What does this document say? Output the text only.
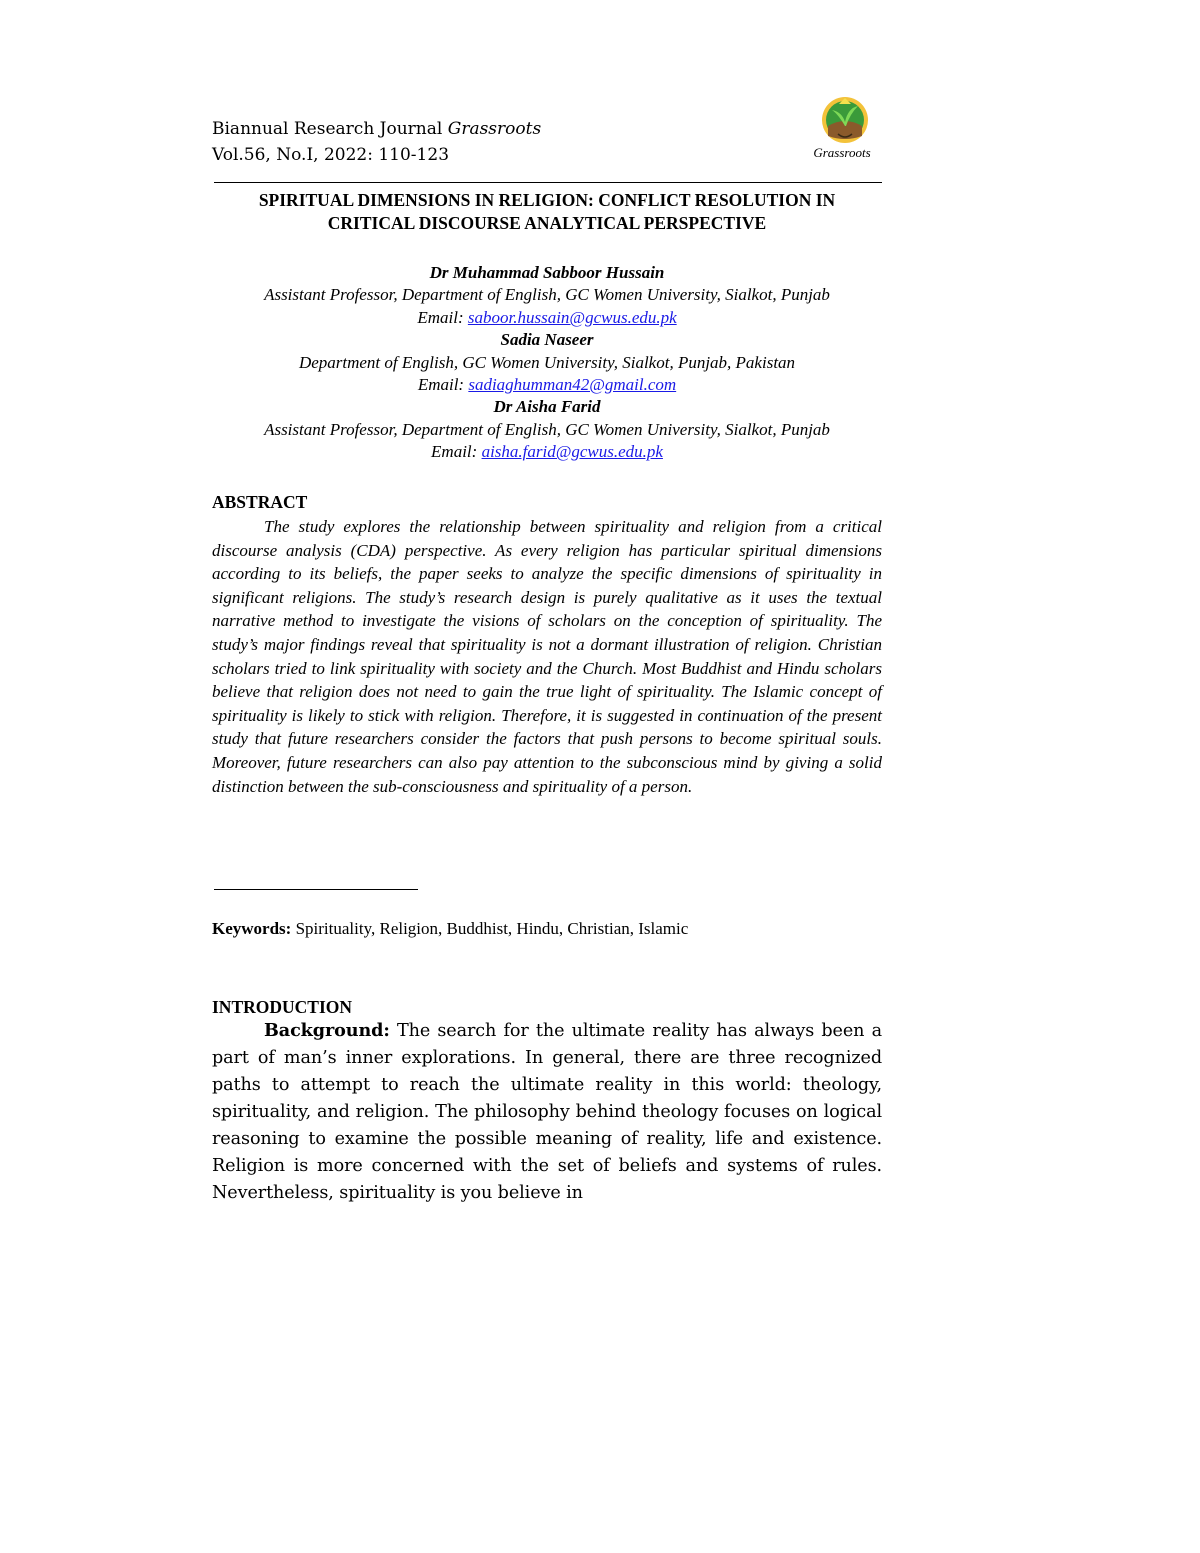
Biannual Research Journal Grassroots
Vol.56, No.I, 2022: 110-123	Grassroots
SPIRITUAL DIMENSIONS IN RELIGION: CONFLICT RESOLUTION IN
CRITICAL DISCOURSE ANALYTICAL PERSPECTIVE
Dr Muhammad Sabboor Hussain
Assistant Professor, Department of English, GC Women University, Sialkot, Punjab
Email: saboor.hussain@gcwus.edu.pk
Sadia Naseer
Department of English, GC Women University, Sialkot, Punjab, Pakistan
Email: sadiaghumman42@gmail.com
Dr Aisha Farid
Assistant Professor, Department of English, GC Women University, Sialkot, Punjab
Email: aisha.farid@gcwus.edu.pk
ABSTRACT
The study explores the relationship between spirituality and religion from a critical discourse analysis (CDA) perspective. As every religion has particular spiritual dimensions according to its beliefs, the paper seeks to analyze the specific dimensions of spirituality in significant religions. The study’s research design is purely qualitative as it uses the textual narrative method to investigate the visions of scholars on the conception of spirituality. The study’s major findings reveal that spirituality is not a dormant illustration of religion. Christian scholars tried to link spirituality with society and the Church. Most Buddhist and Hindu scholars believe that religion does not need to gain the true light of spirituality. The Islamic concept of spirituality is likely to stick with religion. Therefore, it is suggested in continuation of the present study that future researchers consider the factors that push persons to become spiritual souls. Moreover, future researchers can also pay attention to the subconscious mind by giving a solid distinction between the sub-consciousness and spirituality of a person.
Keywords: Spirituality, Religion, Buddhist, Hindu, Christian, Islamic
INTRODUCTION
Background: The search for the ultimate reality has always been a part of man’s inner explorations. In general, there are three recognized paths to attempt to reach the ultimate reality in this world: theology, spirituality, and religion. The philosophy behind theology focuses on logical reasoning to examine the possible meaning of reality, life and existence. Religion is more concerned with the set of beliefs and systems of rules. Nevertheless, spirituality is you believe in
